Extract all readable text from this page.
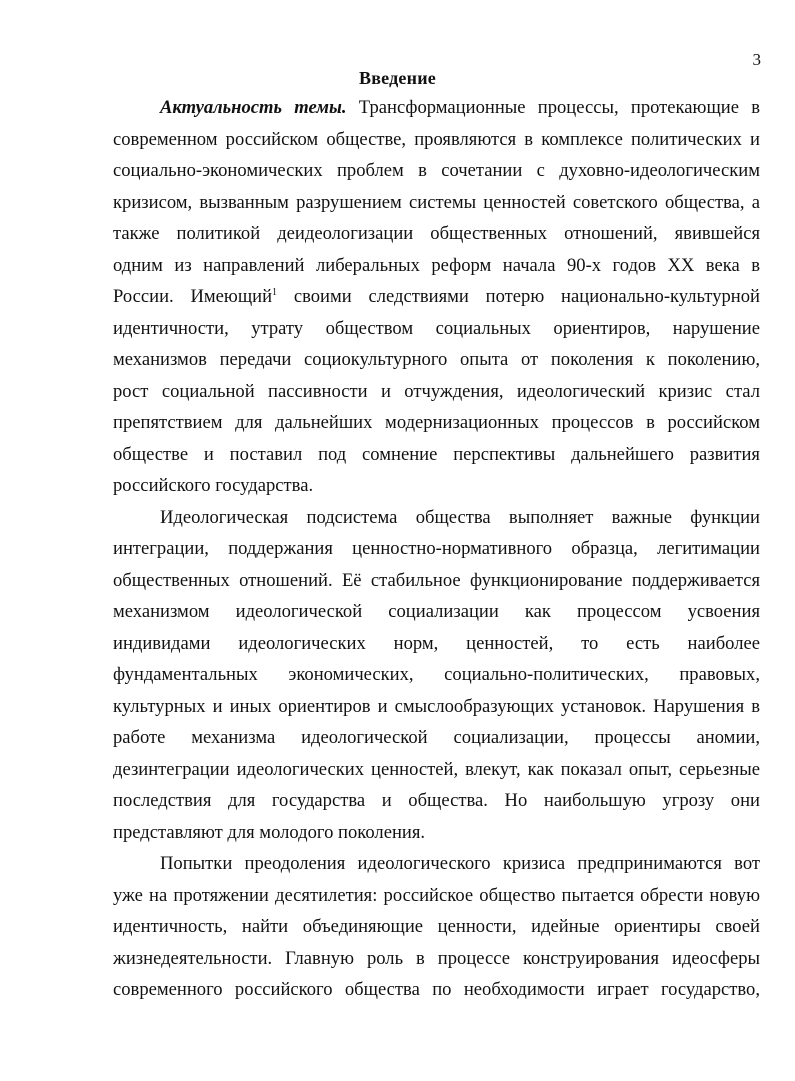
3
Введение
Актуальность темы. Трансформационные процессы, протекающие в
современном российском обществе, проявляются в комплексе политических и
социально-экономических проблем в сочетании с духовно-идеологическим
кризисом, вызванным разрушением системы ценностей советского общества, а
также политикой деидеологизации общественных отношений, явившейся
одним из направлений либеральных реформ начала 90-х годов XX века в
России. Имеющий$^1$ своими следствиями потерю национально-культурной
идентичности, утрату обществом социальных ориентиров, нарушение
механизмов передачи социокультурного опыта от поколения к поколению,
рост социальной пассивности и отчуждения, идеологический кризис стал
препятствием для дальнейших модернизационных процессов в российском
обществе и поставил под сомнение перспективы дальнейшего развития
российского государства.
Идеологическая подсистема общества выполняет важные функции
интеграции, поддержания ценностно-нормативного образца, легитимации
общественных отношений. Её стабильное функционирование поддерживается
механизмом идеологической социализации как процессом усвоения
индивидами идеологических норм, ценностей, то есть наиболее
фундаментальных экономических, социально-политических, правовых,
культурных и иных ориентиров и смыслообразующих установок. Нарушения в
работе механизма идеологической социализации, процессы аномии,
дезинтеграции идеологических ценностей, влекут, как показал опыт, серьезные
последствия для государства и общества. Но наибольшую угрозу они
представляют для молодого поколения.
Попытки преодоления идеологического кризиса предпринимаются вот
уже на протяжении десятилетия: российское общество пытается обрести новую
идентичность, найти объединяющие ценности, идейные ориентиры своей
жизнедеятельности. Главную роль в процессе конструирования идеосферы
современного российского общества по необходимости играет государство,
